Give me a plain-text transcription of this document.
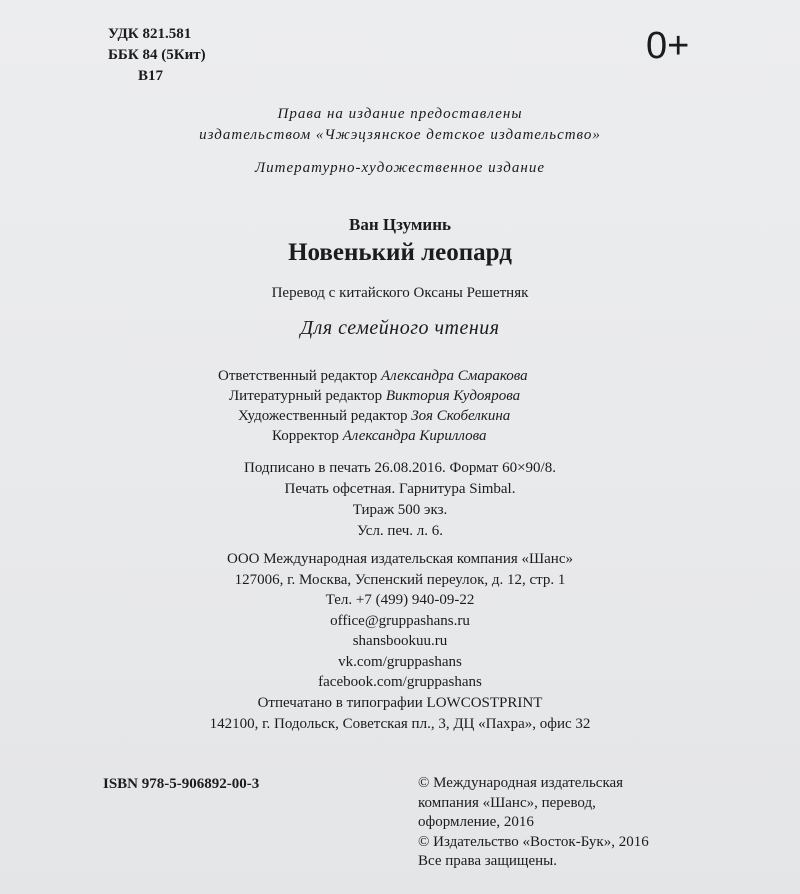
УДК 821.581
ББК 84 (5Кит)
В17
0+
Права на издание предоставлены
издательством «Чжэцзянское детское издательство»
Литературно-художественное издание
Ван Цзуминь
Новенький леопард
Перевод с китайского Оксаны Решетняк
Для семейного чтения
Ответственный редактор Александра Смаракова
Литературный редактор Виктория Кудоярова
Художественный редактор Зоя Скобелкина
Корректор Александра Кириллова
Подписано в печать 26.08.2016. Формат 60×90/8.
Печать офсетная. Гарнитура Simbal.
Тираж 500 экз.
Усл. печ. л. 6.
ООО Международная издательская компания «Шанс»
127006, г. Москва, Успенский переулок, д. 12, стр. 1
Тел. +7 (499) 940-09-22
office@gruppashans.ru
shansbookuu.ru
vk.com/gruppashans
facebook.com/gruppashans
Отпечатано в типографии LOWCOSTPRINT
142100, г. Подольск, Советская пл., 3, ДЦ «Пахра», офис 32
ISBN 978-5-906892-00-3	© Международная издательская
компания «Шанс», перевод,
оформление, 2016
© Издательство «Восток-Бук», 2016
Все права защищены.
